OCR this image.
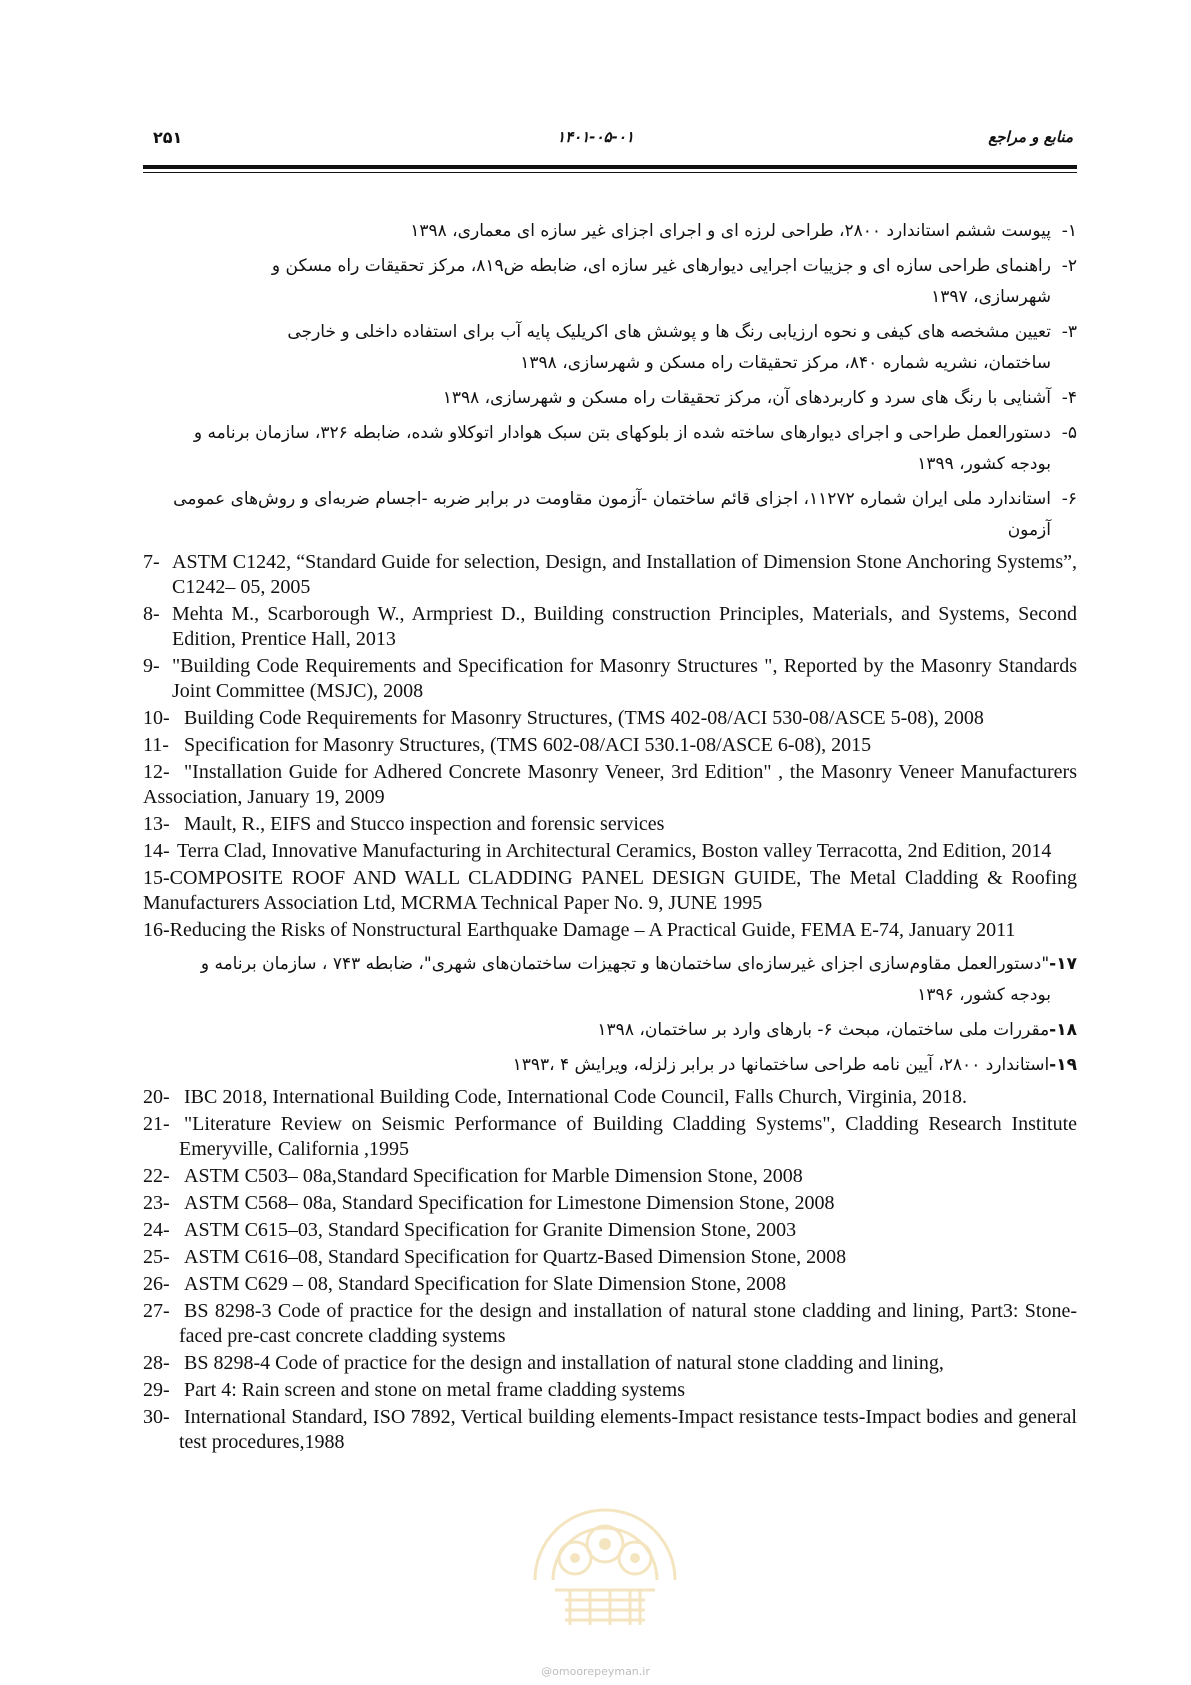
۲۵۱	۱۴۰۱-۰۵-۰۱	منابع و مراجع
۱-پیوست ششم استاندارد ۲۸۰۰، طراحی لرزه ای و اجرای اجزای غیر سازه ای معماری، ۱۳۹۸
۲-راهنمای طراحی سازه ای و جزییات اجرایی دیوارهای غیر سازه ای، ضابطه ض۸۱۹، مرکز تحقیقات راه مسکن و
شهرسازی، ۱۳۹۷
۳-تعیین مشخصه های کیفی و نحوه ارزیابی رنگ ها و پوشش های اکریلیک پایه آب برای استفاده داخلی و خارجی
ساختمان، نشریه شماره ۸۴۰، مرکز تحقیقات راه مسکن و شهرسازی، ۱۳۹۸
۴-آشنایی با رنگ های سرد و کاربردهای آن، مرکز تحقیقات راه مسکن و شهرسازی، ۱۳۹۸
۵-دستورالعمل طراحی و اجرای دیوارهای ساخته شده از بلوکهای بتن سبک هوادار اتوکلاو شده، ضابطه ۳۲۶، سازمان برنامه و
بودجه کشور، ۱۳۹۹
۶-استاندارد ملی ایران شماره ۱۱۲۷۲، اجزای قائم ساختمان -آزمون مقاومت در برابر ضربه -اجسام ضربه‌ای و روش‌های عمومی
آزمون
7- ASTM C1242, “Standard Guide for selection, Design, and Installation of Dimension Stone Anchoring Systems”, C1242– 05, 2005
8- Mehta M., Scarborough W., Armpriest D., Building construction Principles, Materials, and Systems, Second Edition, Prentice Hall, 2013
9- "Building Code Requirements and Specification for Masonry Structures ", Reported by the Masonry Standards Joint Committee (MSJC), 2008
10- Building Code Requirements for Masonry Structures, (TMS 402-08/ACI 530-08/ASCE 5-08), 2008
11- Specification for Masonry Structures, (TMS 602-08/ACI 530.1-08/ASCE 6-08), 2015
12- "Installation Guide for Adhered Concrete Masonry Veneer, 3rd Edition" , the Masonry Veneer Manufacturers Association, January 19, 2009
13- Mault, R., EIFS and Stucco inspection and forensic services
14- Terra Clad, Innovative Manufacturing in Architectural Ceramics, Boston valley Terracotta, 2nd Edition, 2014
15-COMPOSITE ROOF AND WALL CLADDING PANEL DESIGN GUIDE, The Metal Cladding & Roofing Manufacturers Association Ltd, MCRMA Technical Paper No. 9, JUNE 1995
16-Reducing the Risks of Nonstructural Earthquake Damage – A Practical Guide, FEMA E-74, January 2011
۱۷-"دستورالعمل مقاوم‌سازی اجزای غیرسازه‌ای ساختمان‌ها و تجهیزات ساختمان‌های شهری"، ضابطه ۷۴۳ ، سازمان برنامه و
بودجه کشور، ۱۳۹۶
۱۸-مقررات ملی ساختمان، مبحث ۶- بارهای وارد بر ساختمان، ۱۳۹۸
۱۹-استاندارد ۲۸۰۰، آیین نامه طراحی ساختمانها در برابر زلزله، ویرایش ۴ ،۱۳۹۳
20- IBC 2018, International Building Code, International Code Council, Falls Church, Virginia, 2018.
21- "Literature Review on Seismic Performance of Building Cladding Systems", Cladding Research Institute Emeryville, California ,1995
22- ASTM C503– 08a,Standard Specification for Marble Dimension Stone, 2008
23- ASTM C568– 08a, Standard Specification for Limestone Dimension Stone, 2008
24- ASTM C615–03, Standard Specification for Granite Dimension Stone, 2003
25- ASTM C616–08, Standard Specification for Quartz-Based Dimension Stone, 2008
26- ASTM C629 – 08, Standard Specification for Slate Dimension Stone, 2008
27- BS 8298-3 Code of practice for the design and installation of natural stone cladding and lining, Part3: Stone-faced pre-cast concrete cladding systems
28- BS 8298-4 Code of practice for the design and installation of natural stone cladding and lining,
29- Part 4: Rain screen and stone on metal frame cladding systems
30- International Standard, ISO 7892, Vertical building elements-Impact resistance tests-Impact bodies and general test procedures,1988
@omoorepeyman.ir
